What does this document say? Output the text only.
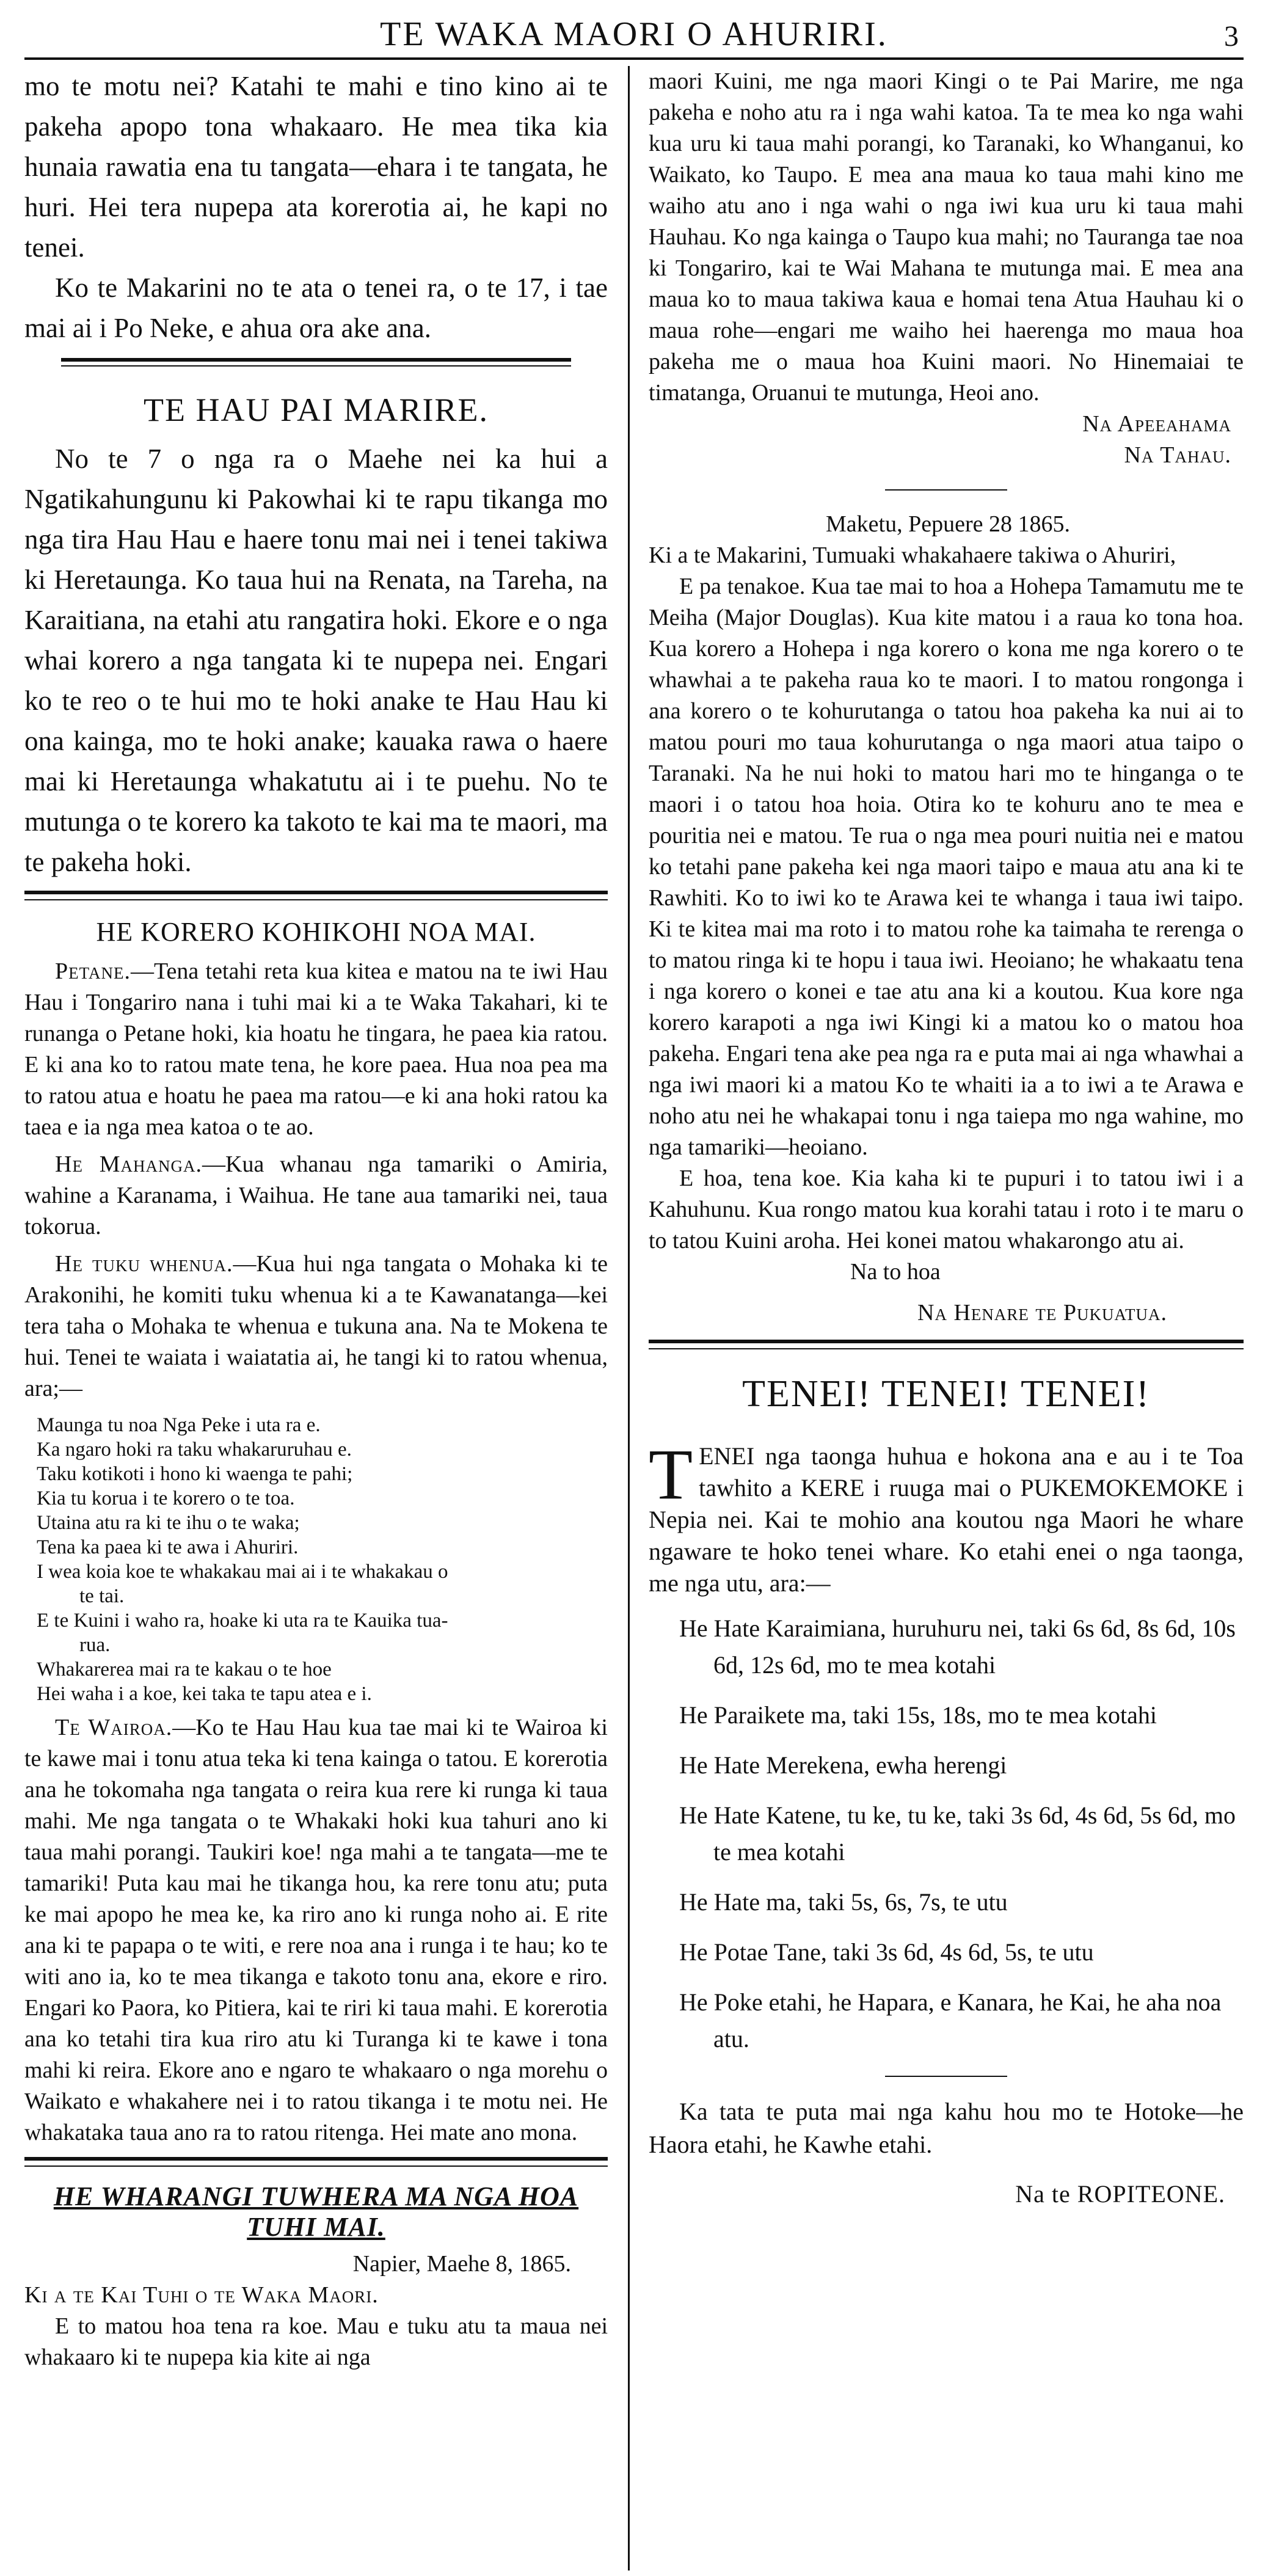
TE WAKA MAORI O AHURIRI.	3

mo te motu nei? Katahi te mahi e tino kino ai te pakeha apopo tona whakaaro. He mea tika kia hunaia rawatia ena tu tangata—ehara i te tangata, he huri. Hei tera nupepa ata korerotia ai, he kapi no tenei.

Ko te Makarini no te ata o tenei ra, o te 17, i tae mai ai i Po Neke, e ahua ora ake ana.

TE HAU PAI MARIRE.

No te 7 o nga ra o Maehe nei ka hui a Ngatikahungunu ki Pakowhai ki te rapu tikanga mo nga tira Hau Hau e haere tonu mai nei i tenei takiwa ki Heretaunga. Ko taua hui na Renata, na Tareha, na Karaitiana, na etahi atu rangatira hoki. Ekore e o nga whai korero a nga tangata ki te nupepa nei. Engari ko te reo o te hui mo te hoki anake te Hau Hau ki ona kainga, mo te hoki anake; kauaka rawa o haere mai ki Heretaunga whakatutu ai i te puehu. No te mutunga o te korero ka takoto te kai ma te maori, ma te pakeha hoki.

HE KORERO KOHIKOHI NOA MAI.

Petane.—Tena tetahi reta kua kitea e matou na te iwi Hau Hau i Tongariro nana i tuhi mai ki a te Waka Takahari, ki te runanga o Petane hoki, kia hoatu he tingara, he paea kia ratou. E ki ana ko to ratou mate tena, he kore paea. Hua noa pea ma to ratou atua e hoatu he paea ma ratou—e ki ana hoki ratou ka taea e ia nga mea katoa o te ao.

He Mahanga.—Kua whanau nga tamariki o Amiria, wahine a Karanama, i Waihua. He tane aua tamariki nei, taua tokorua.

He tuku whenua.—Kua hui nga tangata o Mohaka ki te Arakonihi, he komiti tuku whenua ki a te Kawanatanga—kei tera taha o Mohaka te whenua e tukuna ana. Na te Mokena te hui. Tenei te waiata i waiatatia ai, he tangi ki to ratou whenua, ara;—

Maunga tu noa Nga Peke i uta ra e.

Ka ngaro hoki ra taku whakaruruhau e.

Taku kotikoti i hono ki waenga te pahi;

Kia tu korua i te korero o te toa.

Utaina atu ra ki te ihu o te waka;

Tena ka paea ki te awa i Ahuriri.

I wea koia koe te whakakau mai ai i te whakakau o

te tai.

E te Kuini i waho ra, hoake ki uta ra te Kauika tua-

rua.

Whakarerea mai ra te kakau o te hoe

Hei waha i a koe, kei taka te tapu atea e i.

Te Wairoa.—Ko te Hau Hau kua tae mai ki te Wairoa ki te kawe mai i tonu atua teka ki tena kainga o tatou. E korerotia ana he tokomaha nga tangata o reira kua rere ki runga ki taua mahi. Me nga tangata o te Whakaki hoki kua tahuri ano ki taua mahi porangi. Taukiri koe! nga mahi a te tangata—me te tamariki! Puta kau mai he tikanga hou, ka rere tonu atu; puta ke mai apopo he mea ke, ka riro ano ki runga noho ai. E rite ana ki te papapa o te witi, e rere noa ana i runga i te hau; ko te witi ano ia, ko te mea tikanga e takoto tonu ana, ekore e riro. Engari ko Paora, ko Pitiera, kai te riri ki taua mahi. E korerotia ana ko tetahi tira kua riro atu ki Turanga ki te kawe i tona mahi ki reira. Ekore ano e ngaro te whakaaro o nga morehu o Waikato e whakahere nei i to ratou tikanga i te motu nei. He whakataka taua ano ra to ratou ritenga. Hei mate ano mona.

HE WHARANGI TUWHERA MA NGA HOA TUHI MAI.

Napier, Maehe 8, 1865.

Ki a te Kai Tuhi o te Waka Maori.

E to matou hoa tena ra koe. Mau e tuku atu ta maua nei whakaaro ki te nupepa kia kite ai nga

maori Kuini, me nga maori Kingi o te Pai Marire, me nga pakeha e noho atu ra i nga wahi katoa. Ta te mea ko nga wahi kua uru ki taua mahi porangi, ko Taranaki, ko Whanganui, ko Waikato, ko Taupo. E mea ana maua ko taua mahi kino me waiho atu ano i nga wahi o nga iwi kua uru ki taua mahi Hauhau. Ko nga kainga o Taupo kua mahi; no Tauranga tae noa ki Tongariro, kai te Wai Mahana te mutunga mai. E mea ana maua ko to maua takiwa kaua e homai tena Atua Hauhau ki o maua rohe—engari me waiho hei haerenga mo maua hoa pakeha me o maua hoa Kuini maori. No Hinemaiai te timatanga, Oruanui te mutunga, Heoi ano.

Na Apeeahama

Na Tahau.

Maketu, Pepuere 28 1865.

Ki a te Makarini, Tumuaki whakahaere takiwa o Ahuriri,

E pa tenakoe. Kua tae mai to hoa a Hohepa Tamamutu me te Meiha (Major Douglas). Kua kite matou i a raua ko tona hoa. Kua korero a Hohepa i nga korero o kona me nga korero o te whawhai a te pakeha raua ko te maori. I to matou rongonga i ana korero o te kohurutanga o tatou hoa pakeha ka nui ai to matou pouri mo taua kohurutanga o nga maori atua taipo o Taranaki. Na he nui hoki to matou hari mo te hinganga o te maori i o tatou hoa hoia. Otira ko te kohuru ano te mea e pouritia nei e matou. Te rua o nga mea pouri nuitia nei e matou ko tetahi pane pakeha kei nga maori taipo e maua atu ana ki te Rawhiti. Ko to iwi ko te Arawa kei te whanga i taua iwi taipo. Ki te kitea mai ma roto i to matou rohe ka taimaha te rerenga o to matou ringa ki te hopu i taua iwi. Heoiano; he whakaatu tena i nga korero o konei e tae atu ana ki a koutou. Kua kore nga korero karapoti a nga iwi Kingi ki a matou ko o matou hoa pakeha. Engari tena ake pea nga ra e puta mai ai nga whawhai a nga iwi maori ki a matou Ko te whaiti ia a to iwi a te Arawa e noho atu nei he whakapai tonu i nga taiepa mo nga wahine, mo nga tamariki—heoiano.

E hoa, tena koe. Kia kaha ki te pupuri i to tatou iwi i a Kahuhunu. Kua rongo matou kua korahi tatau i roto i te maru o to tatou Kuini aroha. Hei konei matou whakarongo atu ai.

Na to hoa

Na Henare te Pukuatua.

TENEI! TENEI! TENEI!

TENEI nga taonga huhua e hokona ana e au i te Toa tawhito a KERE i ruuga mai o PUKEMOKEMOKE i Nepia nei. Kai te mohio ana koutou nga Maori he whare ngaware te hoko tenei whare. Ko etahi enei o nga taonga, me nga utu, ara:—

He Hate Karaimiana, huruhuru nei, taki 6s 6d, 8s 6d, 10s 6d, 12s 6d, mo te mea kotahi

He Paraikete ma, taki 15s, 18s, mo te mea kotahi

He Hate Merekena, ewha herengi

He Hate Katene, tu ke, tu ke, taki 3s 6d, 4s 6d, 5s 6d, mo te mea kotahi

He Hate ma, taki 5s, 6s, 7s, te utu

He Potae Tane, taki 3s 6d, 4s 6d, 5s, te utu

He Poke etahi, he Hapara, e Kanara, he Kai, he aha noa atu.

Ka tata te puta mai nga kahu hou mo te Hotoke—he Haora etahi, he Kawhe etahi.

Na te ROPITEONE.
